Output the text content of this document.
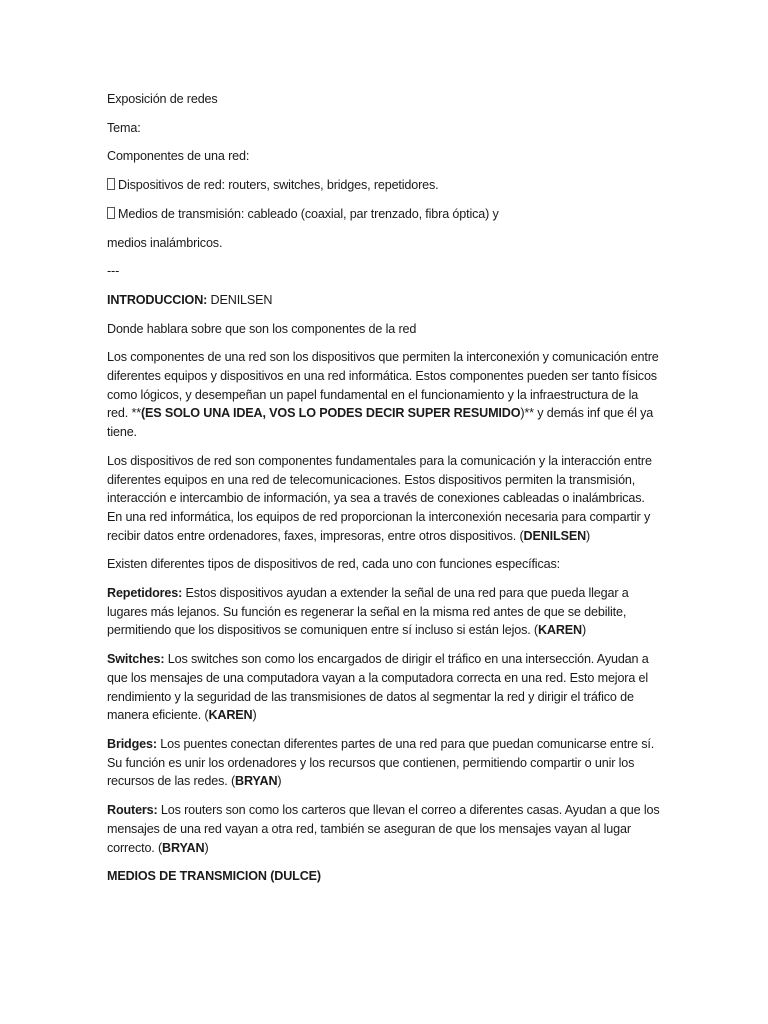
Exposición de redes
Tema:
Componentes de una red:
Dispositivos de red: routers, switches, bridges, repetidores.
Medios de transmisión: cableado (coaxial, par trenzado, fibra óptica) y
medios inalámbricos.
---
INTRODUCCION: DENILSEN
Donde hablara sobre que son los componentes de la red
Los componentes de una red son los dispositivos que permiten la interconexión y comunicación entre diferentes equipos y dispositivos en una red informática. Estos componentes pueden ser tanto físicos como lógicos, y desempeñan un papel fundamental en el funcionamiento y la infraestructura de la red. **(ES SOLO UNA IDEA, VOS LO PODES DECIR SUPER RESUMIDO)** y demás inf que él ya tiene.
Los dispositivos de red son componentes fundamentales para la comunicación y la interacción entre diferentes equipos en una red de telecomunicaciones. Estos dispositivos permiten la transmisión, interacción e intercambio de información, ya sea a través de conexiones cableadas o inalámbricas. En una red informática, los equipos de red proporcionan la interconexión necesaria para compartir y recibir datos entre ordenadores, faxes, impresoras, entre otros dispositivos. (DENILSEN)
Existen diferentes tipos de dispositivos de red, cada uno con funciones específicas:
Repetidores: Estos dispositivos ayudan a extender la señal de una red para que pueda llegar a lugares más lejanos. Su función es regenerar la señal en la misma red antes de que se debilite, permitiendo que los dispositivos se comuniquen entre sí incluso si están lejos. (KAREN)
Switches: Los switches son como los encargados de dirigir el tráfico en una intersección. Ayudan a que los mensajes de una computadora vayan a la computadora correcta en una red. Esto mejora el rendimiento y la seguridad de las transmisiones de datos al segmentar la red y dirigir el tráfico de manera eficiente. (KAREN)
Bridges: Los puentes conectan diferentes partes de una red para que puedan comunicarse entre sí. Su función es unir los ordenadores y los recursos que contienen, permitiendo compartir o unir los recursos de las redes. (BRYAN)
Routers: Los routers son como los carteros que llevan el correo a diferentes casas. Ayudan a que los mensajes de una red vayan a otra red, también se aseguran de que los mensajes vayan al lugar correcto. (BRYAN)
MEDIOS DE TRANSMICION (DULCE)
